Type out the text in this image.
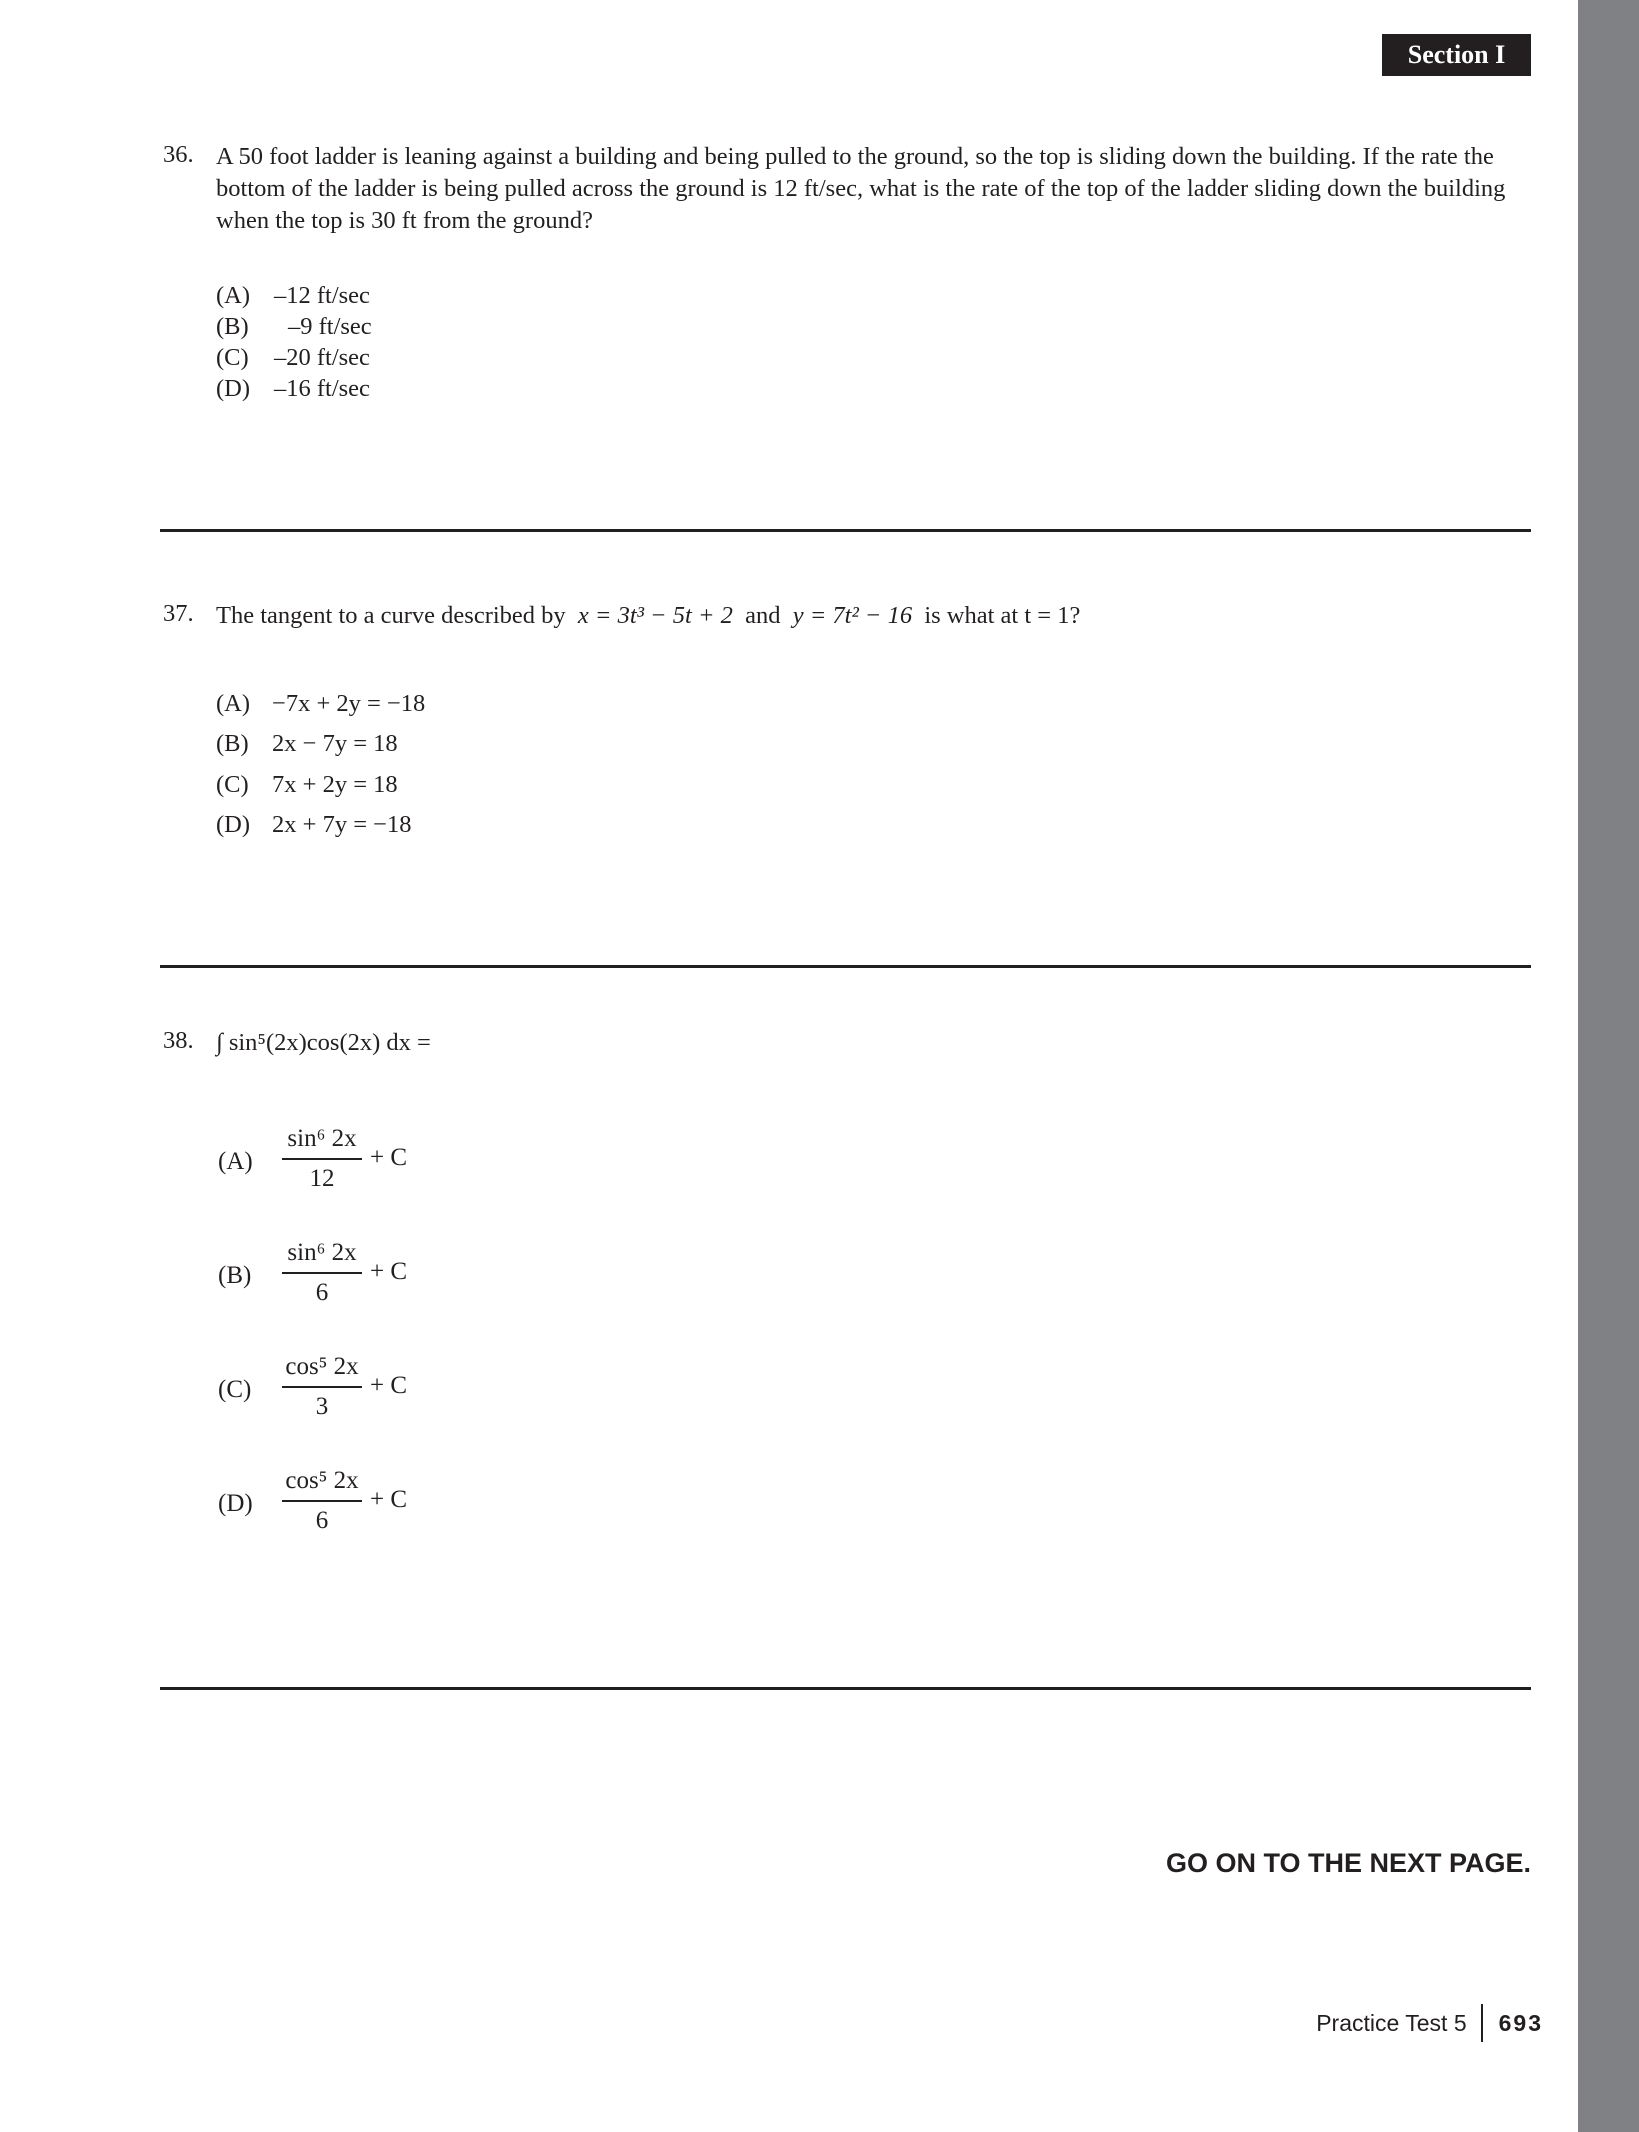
Section I
36. A 50 foot ladder is leaning against a building and being pulled to the ground, so the top is sliding down the building. If the rate the bottom of the ladder is being pulled across the ground is 12 ft/sec, what is the rate of the top of the ladder sliding down the building when the top is 30 ft from the ground?
(A) –12 ft/sec
(B) –9 ft/sec
(C) –20 ft/sec
(D) –16 ft/sec
37. The tangent to a curve described by x = 3t³ − 5t + 2 and y = 7t² − 16 is what at t = 1?
(A) −7x + 2y = −18
(B) 2x − 7y = 18
(C) 7x + 2y = 18
(D) 2x + 7y = −18
38. ∫ sin⁵(2x)cos(2x) dx =
(A)
sin⁶ 2x
12
+ C
(B)
sin⁶ 2x
6
+ C
(C)
cos⁵ 2x
3
+ C
(D)
cos⁵ 2x
6
+ C
GO ON TO THE NEXT PAGE.
Practice Test 5 693
